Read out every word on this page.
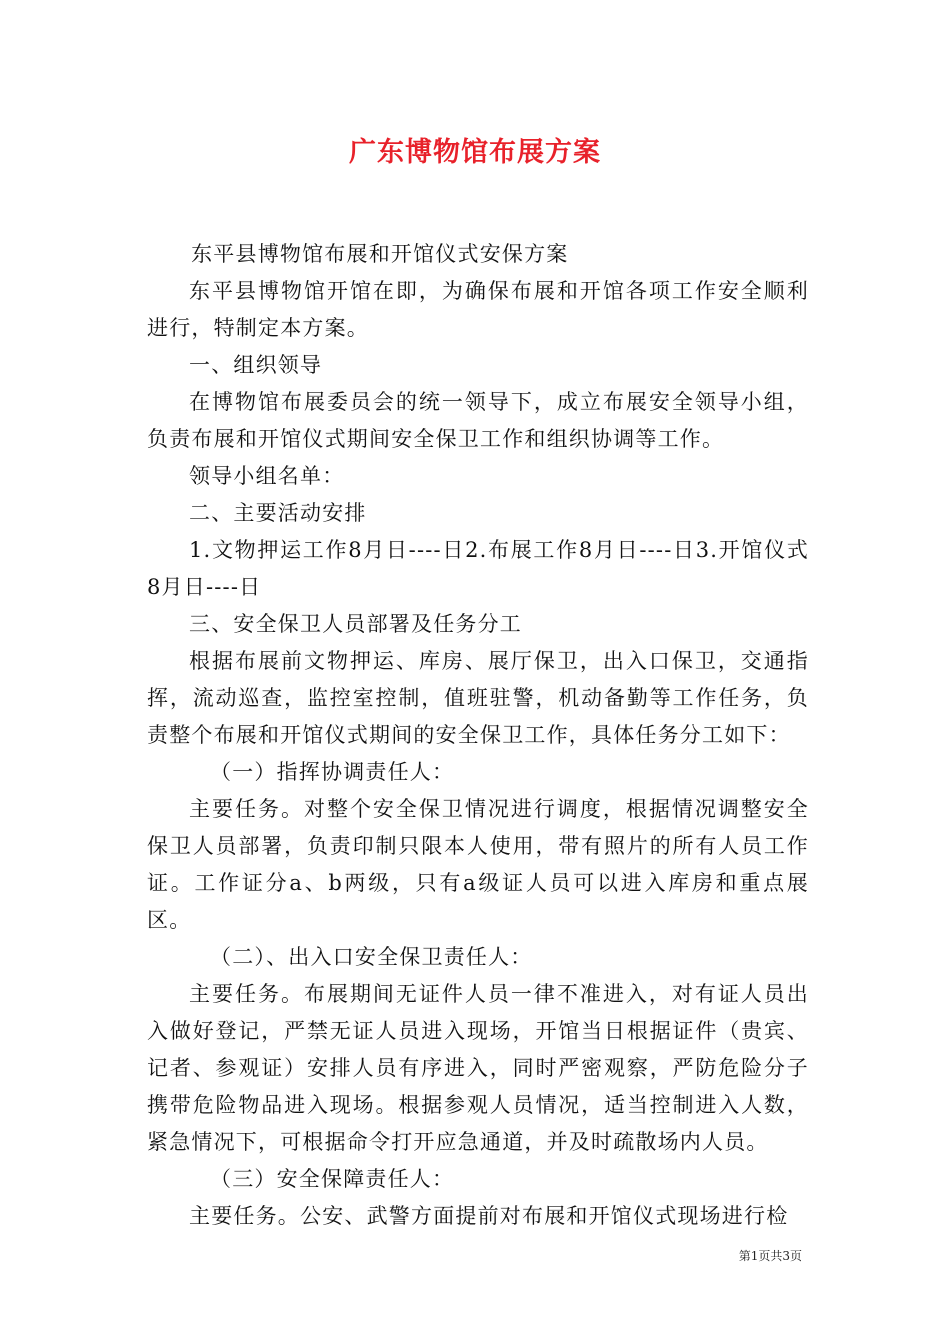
广东博物馆布展方案

东平县博物馆布展和开馆仪式安保方案

东平县博物馆开馆在即，为确保布展和开馆各项工作安全顺利进行，特制定本方案。

一、组织领导

在博物馆布展委员会的统一领导下，成立布展安全领导小组，负责布展和开馆仪式期间安全保卫工作和组织协调等工作。

领导小组名单：

二、主要活动安排

1.文物押运工作8月日----日2.布展工作8月日----日3.开馆仪式8月日----日

三、安全保卫人员部署及任务分工

根据布展前文物押运、库房、展厅保卫，出入口保卫，交通指挥，流动巡查，监控室控制，值班驻警，机动备勤等工作任务，负责整个布展和开馆仪式期间的安全保卫工作，具体任务分工如下：

（一）指挥协调责任人：

主要任务。对整个安全保卫情况进行调度，根据情况调整安全保卫人员部署，负责印制只限本人使用，带有照片的所有人员工作证。工作证分a、b两级，只有a级证人员可以进入库房和重点展区。

（二）、出入口安全保卫责任人：

主要任务。布展期间无证件人员一律不准进入，对有证人员出入做好登记，严禁无证人员进入现场，开馆当日根据证件（贵宾、记者、参观证）安排人员有序进入，同时严密观察，严防危险分子携带危险物品进入现场。根据参观人员情况，适当控制进入人数，紧急情况下，可根据命令打开应急通道，并及时疏散场内人员。

（三）安全保障责任人：

主要任务。公安、武警方面提前对布展和开馆仪式现场进行检

第1页共3页
